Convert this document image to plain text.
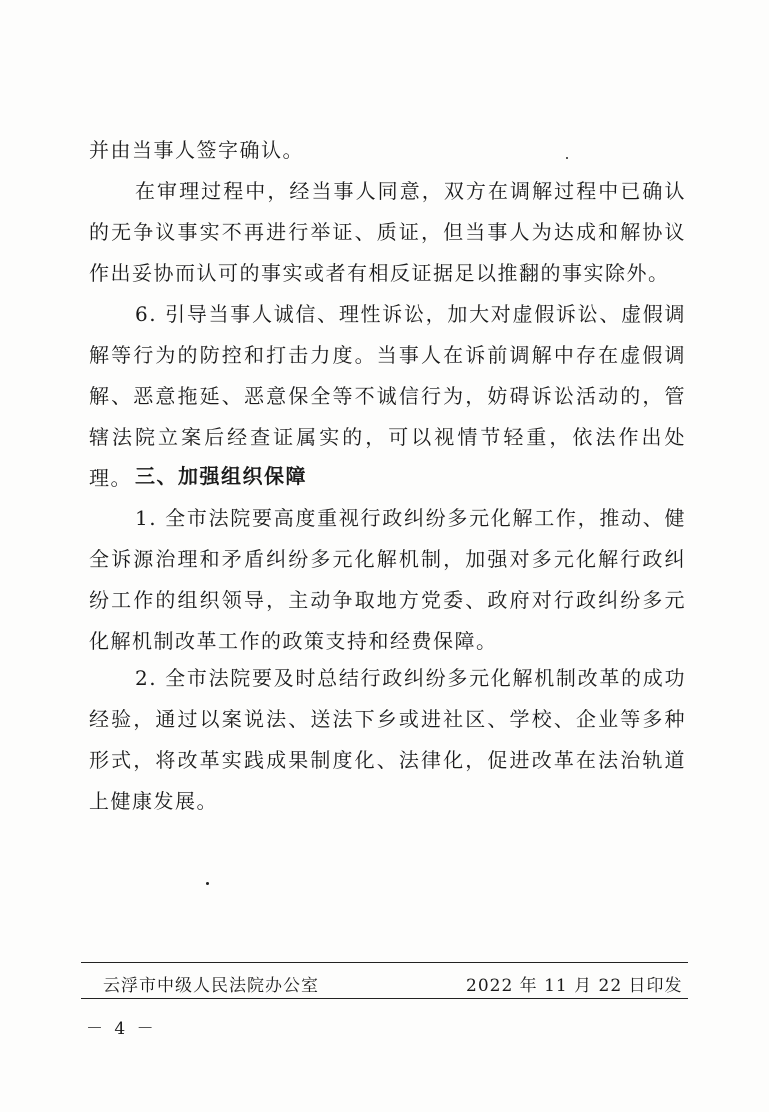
并由当事人签字确认。

在审理过程中，经当事人同意，双方在调解过程中已确认的无争议事实不再进行举证、质证，但当事人为达成和解协议作出妥协而认可的事实或者有相反证据足以推翻的事实除外。

6. 引导当事人诚信、理性诉讼，加大对虚假诉讼、虚假调解等行为的防控和打击力度。当事人在诉前调解中存在虚假调解、恶意拖延、恶意保全等不诚信行为，妨碍诉讼活动的，管辖法院立案后经查证属实的，可以视情节轻重，依法作出处理。 三、加强组织保障

1. 全市法院要高度重视行政纠纷多元化解工作，推动、健全诉源治理和矛盾纠纷多元化解机制，加强对多元化解行政纠纷工作的组织领导，主动争取地方党委、政府对行政纠纷多元化解机制改革工作的政策支持和经费保障。

2. 全市法院要及时总结行政纠纷多元化解机制改革的成功经验，通过以案说法、送法下乡或进社区、学校、企业等多种形式，将改革实践成果制度化、法律化，促进改革在法治轨道上健康发展。

云浮市中级人民法院办公室	2022 年 11 月 22 日印发
－ 4 －
